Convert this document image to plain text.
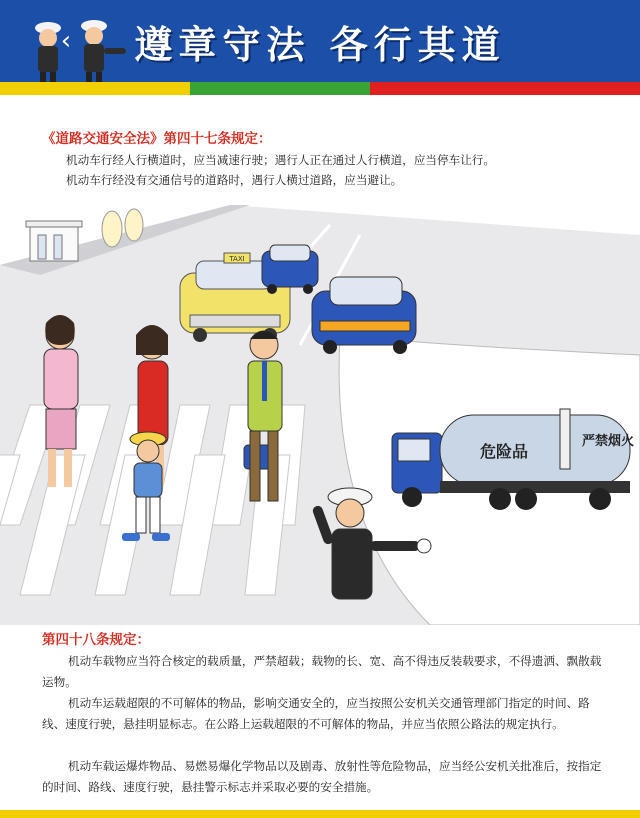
‹	遵章守法 各行其道
《道路交通安全法》第四十七条规定：
机动车行经人行横道时，应当减速行驶；遇行人正在通过人行横道，应当停车让行。
机动车行经没有交通信号的道路时，遇行人横过道路，应当避让。
TAXI
危险品
严禁烟火
第四十八条规定：
机动车载物应当符合核定的载质量，严禁超载；载物的长、宽、高不得违反装载要求，不得遗洒、飘散载运物。
机动车运载超限的不可解体的物品，影响交通安全的，应当按照公安机关交通管理部门指定的时间、路线、速度行驶，悬挂明显标志。在公路上运载超限的不可解体的物品，并应当依照公路法的规定执行。
机动车载运爆炸物品、易燃易爆化学物品以及剧毒、放射性等危险物品，应当经公安机关批准后，按指定的时间、路线、速度行驶，悬挂警示标志并采取必要的安全措施。
